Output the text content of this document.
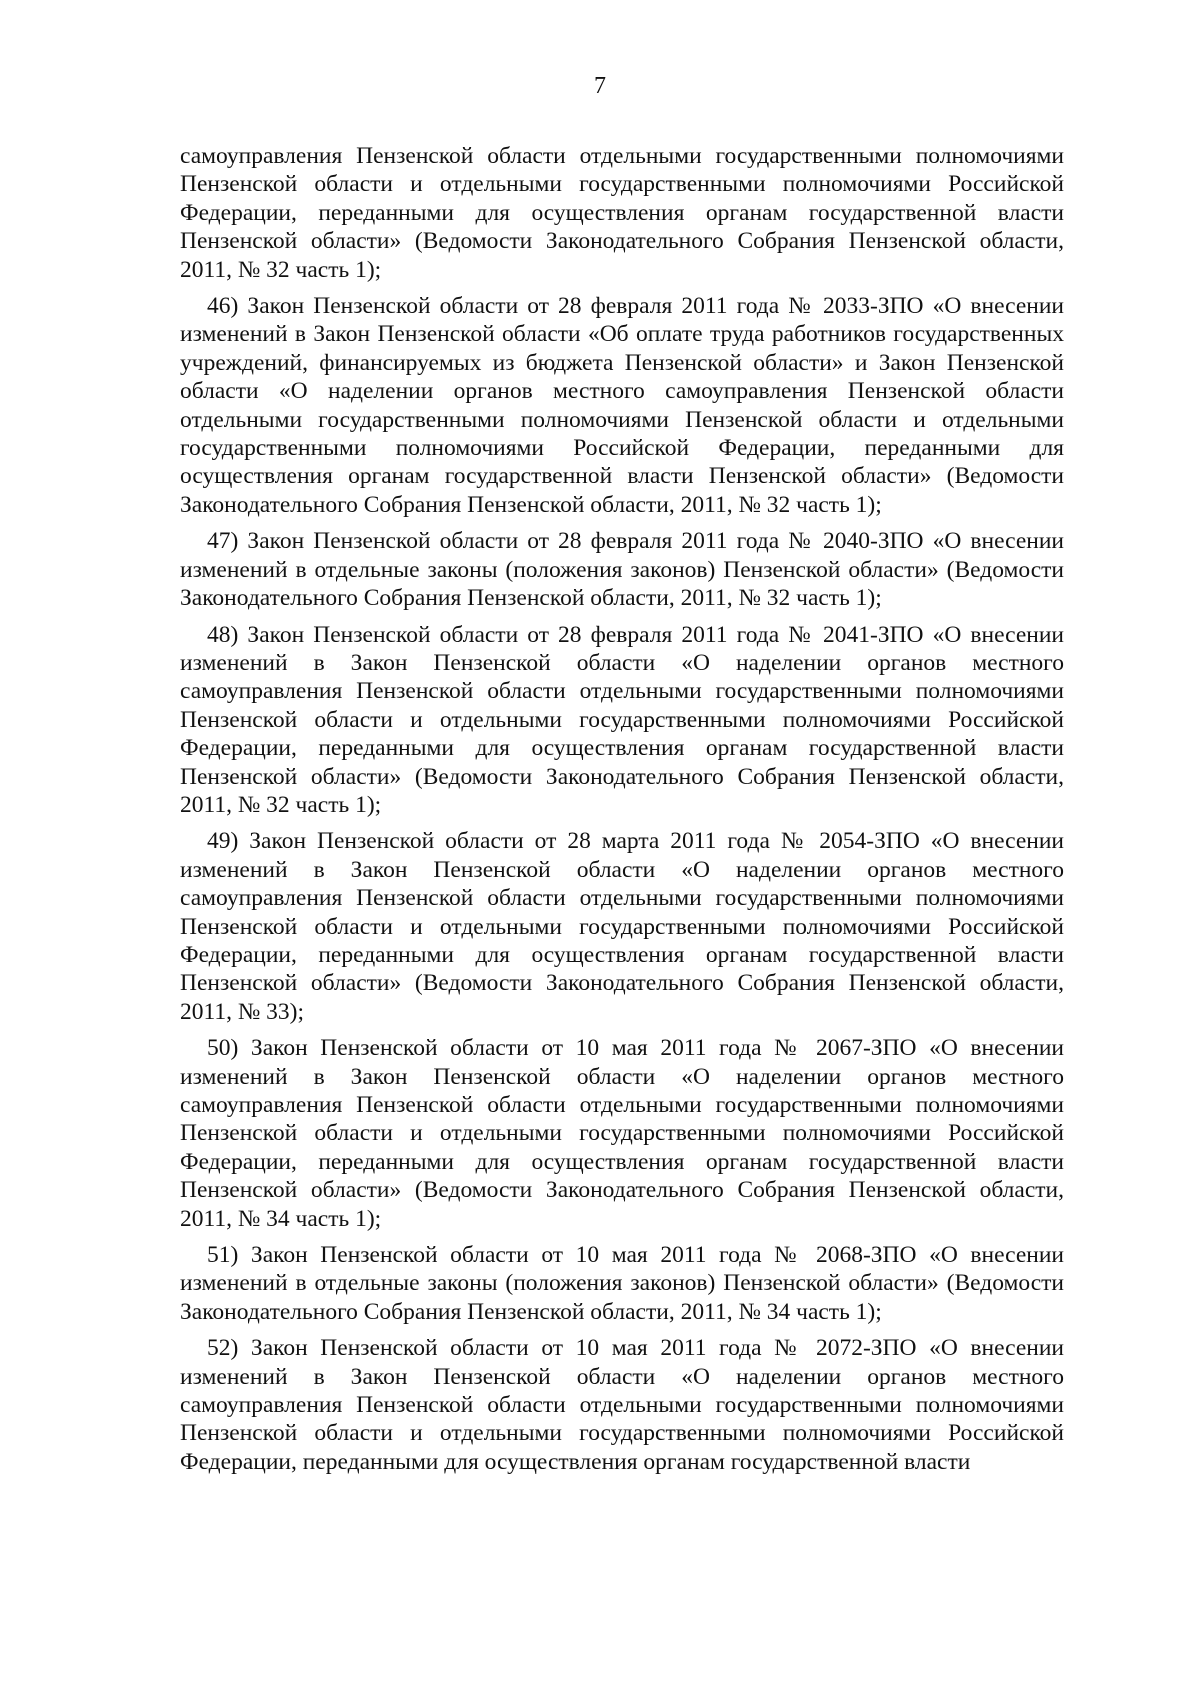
7

самоуправления Пензенской области отдельными государственными полномочиями Пензенской области и отдельными государственными полномочиями Российской Федерации, переданными для осуществления органам государственной власти Пензенской области» (Ведомости Законодательного Собрания Пензенской области, 2011, № 32 часть 1);

46) Закон Пензенской области от 28 февраля 2011 года № 2033-ЗПО «О внесении изменений в Закон Пензенской области «Об оплате труда работников государственных учреждений, финансируемых из бюджета Пензенской области» и Закон Пензенской области «О наделении органов местного самоуправления Пензенской области отдельными государственными полномочиями Пензенской области и отдельными государственными полномочиями Российской Федерации, переданными для осуществления органам государственной власти Пензенской области» (Ведомости Законодательного Собрания Пензенской области, 2011, № 32 часть 1);

47) Закон Пензенской области от 28 февраля 2011 года № 2040-ЗПО «О внесении изменений в отдельные законы (положения законов) Пензенской области» (Ведомости Законодательного Собрания Пензенской области, 2011, № 32 часть 1);

48) Закон Пензенской области от 28 февраля 2011 года № 2041-ЗПО «О внесении изменений в Закон Пензенской области «О наделении органов местного самоуправления Пензенской области отдельными государственными полномочиями Пензенской области и отдельными государственными полномочиями Российской Федерации, переданными для осуществления органам государственной власти Пензенской области» (Ведомости Законодательного Собрания Пензенской области, 2011, № 32 часть 1);

49) Закон Пензенской области от 28 марта 2011 года № 2054-ЗПО «О внесении изменений в Закон Пензенской области «О наделении органов местного самоуправления Пензенской области отдельными государственными полномочиями Пензенской области и отдельными государственными полномочиями Российской Федерации, переданными для осуществления органам государственной власти Пензенской области» (Ведомости Законодательного Собрания Пензенской области, 2011, № 33);

50) Закон Пензенской области от 10 мая 2011 года № 2067-ЗПО «О внесении изменений в Закон Пензенской области «О наделении органов местного самоуправления Пензенской области отдельными государственными полномочиями Пензенской области и отдельными государственными полномочиями Российской Федерации, переданными для осуществления органам государственной власти Пензенской области» (Ведомости Законодательного Собрания Пензенской области, 2011, № 34 часть 1);

51) Закон Пензенской области от 10 мая 2011 года № 2068-ЗПО «О внесении изменений в отдельные законы (положения законов) Пензенской области» (Ведомости Законодательного Собрания Пензенской области, 2011, № 34 часть 1);

52) Закон Пензенской области от 10 мая 2011 года № 2072-ЗПО «О внесении изменений в Закон Пензенской области «О наделении органов местного самоуправления Пензенской области отдельными государственными полномочиями Пензенской области и отдельными государственными полномочиями Российской Федерации, переданными для осуществления органам государственной власти
